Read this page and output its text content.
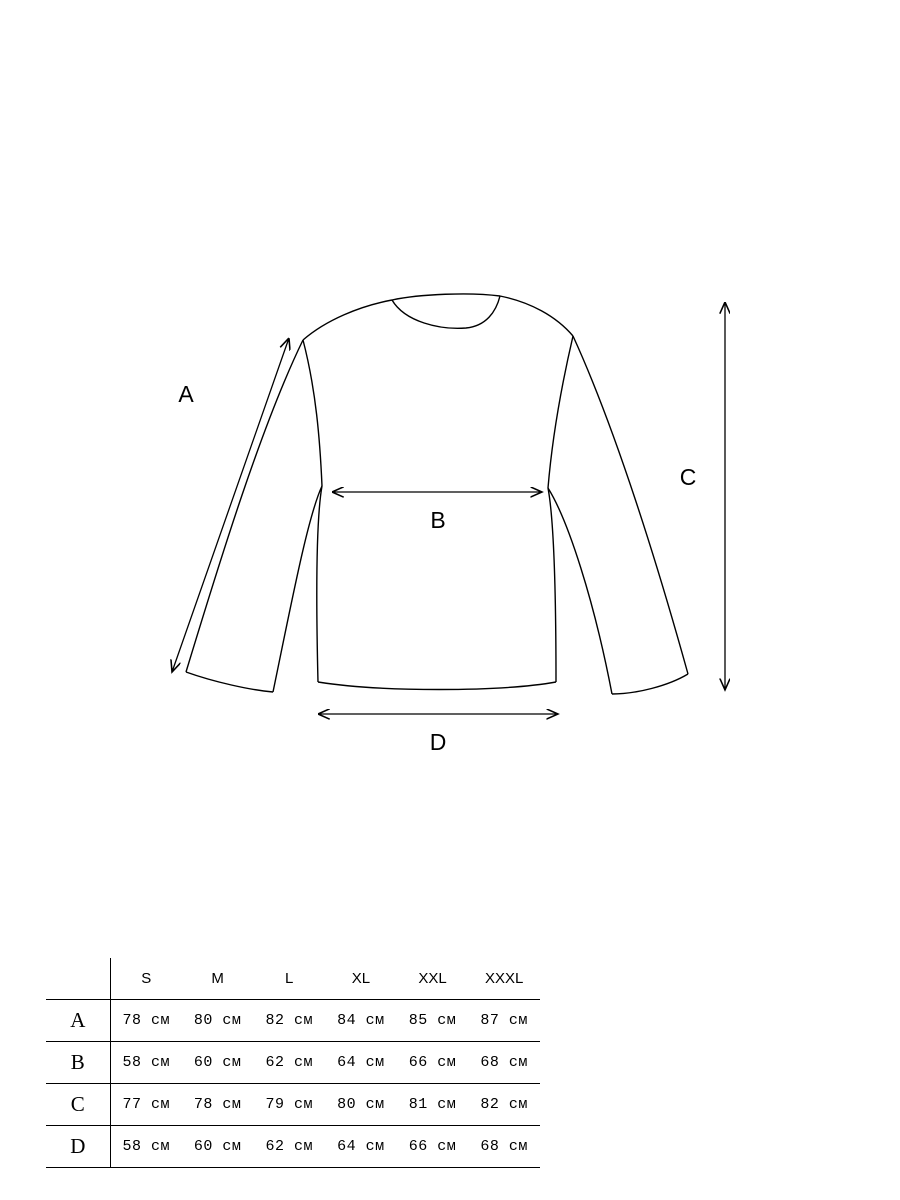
A
B
C
D
	S	M	L	XL	XXL	XXXL
A	78 см	80 см	82 см	84 см	85 см	87 см
B	58 см	60 см	62 см	64 см	66 см	68 см
C	77 см	78 см	79 см	80 см	81 см	82 см
D	58 см	60 см	62 см	64 см	66 см	68 см
